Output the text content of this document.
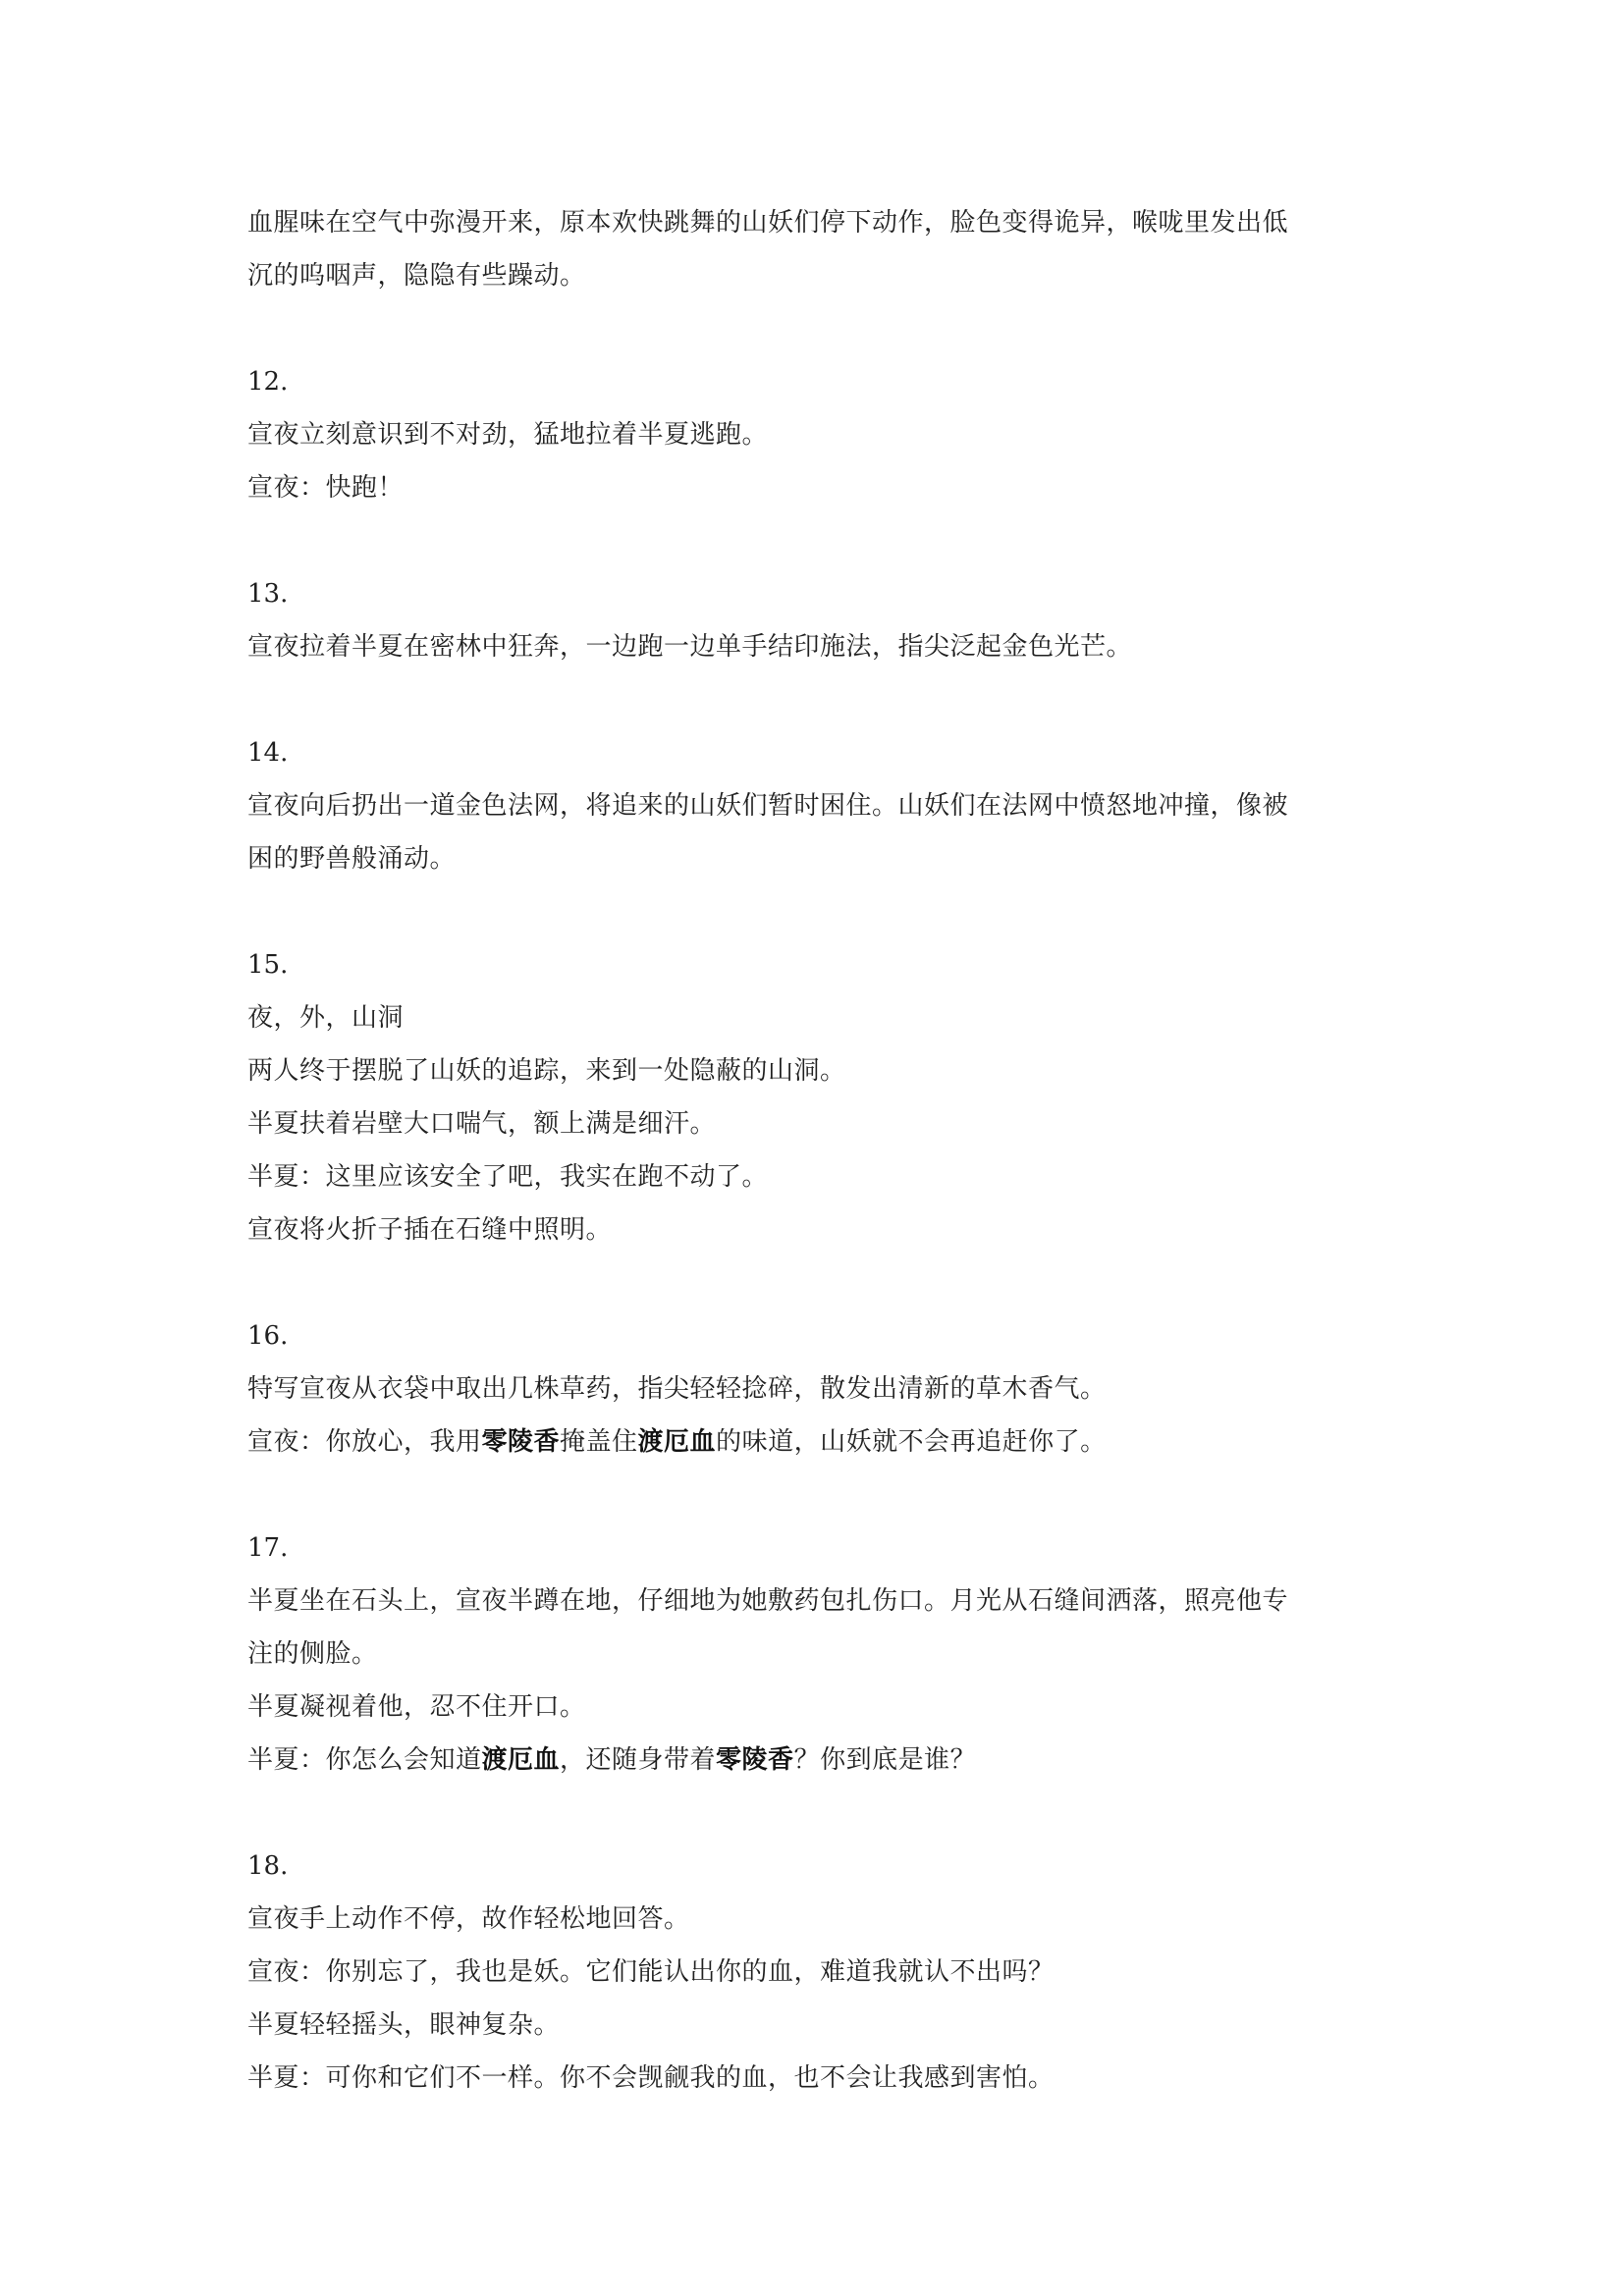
血腥味在空气中弥漫开来，原本欢快跳舞的山妖们停下动作，脸色变得诡异，喉咙里发出低
沉的呜咽声，隐隐有些躁动。
12.
宣夜立刻意识到不对劲，猛地拉着半夏逃跑。
宣夜：快跑！
13.
宣夜拉着半夏在密林中狂奔，一边跑一边单手结印施法，指尖泛起金色光芒。
14.
宣夜向后扔出一道金色法网，将追来的山妖们暂时困住。山妖们在法网中愤怒地冲撞，像被
困的野兽般涌动。
15.
夜，外，山洞
两人终于摆脱了山妖的追踪，来到一处隐蔽的山洞。
半夏扶着岩壁大口喘气，额上满是细汗。
半夏：这里应该安全了吧，我实在跑不动了。
宣夜将火折子插在石缝中照明。
16.
特写宣夜从衣袋中取出几株草药，指尖轻轻捻碎，散发出清新的草木香气。
宣夜：你放心，我用零陵香掩盖住渡厄血的味道，山妖就不会再追赶你了。
17.
半夏坐在石头上，宣夜半蹲在地，仔细地为她敷药包扎伤口。月光从石缝间洒落，照亮他专
注的侧脸。
半夏凝视着他，忍不住开口。
半夏：你怎么会知道渡厄血，还随身带着零陵香？你到底是谁？
18.
宣夜手上动作不停，故作轻松地回答。
宣夜：你别忘了，我也是妖。它们能认出你的血，难道我就认不出吗？
半夏轻轻摇头，眼神复杂。
半夏：可你和它们不一样。你不会觊觎我的血，也不会让我感到害怕。
